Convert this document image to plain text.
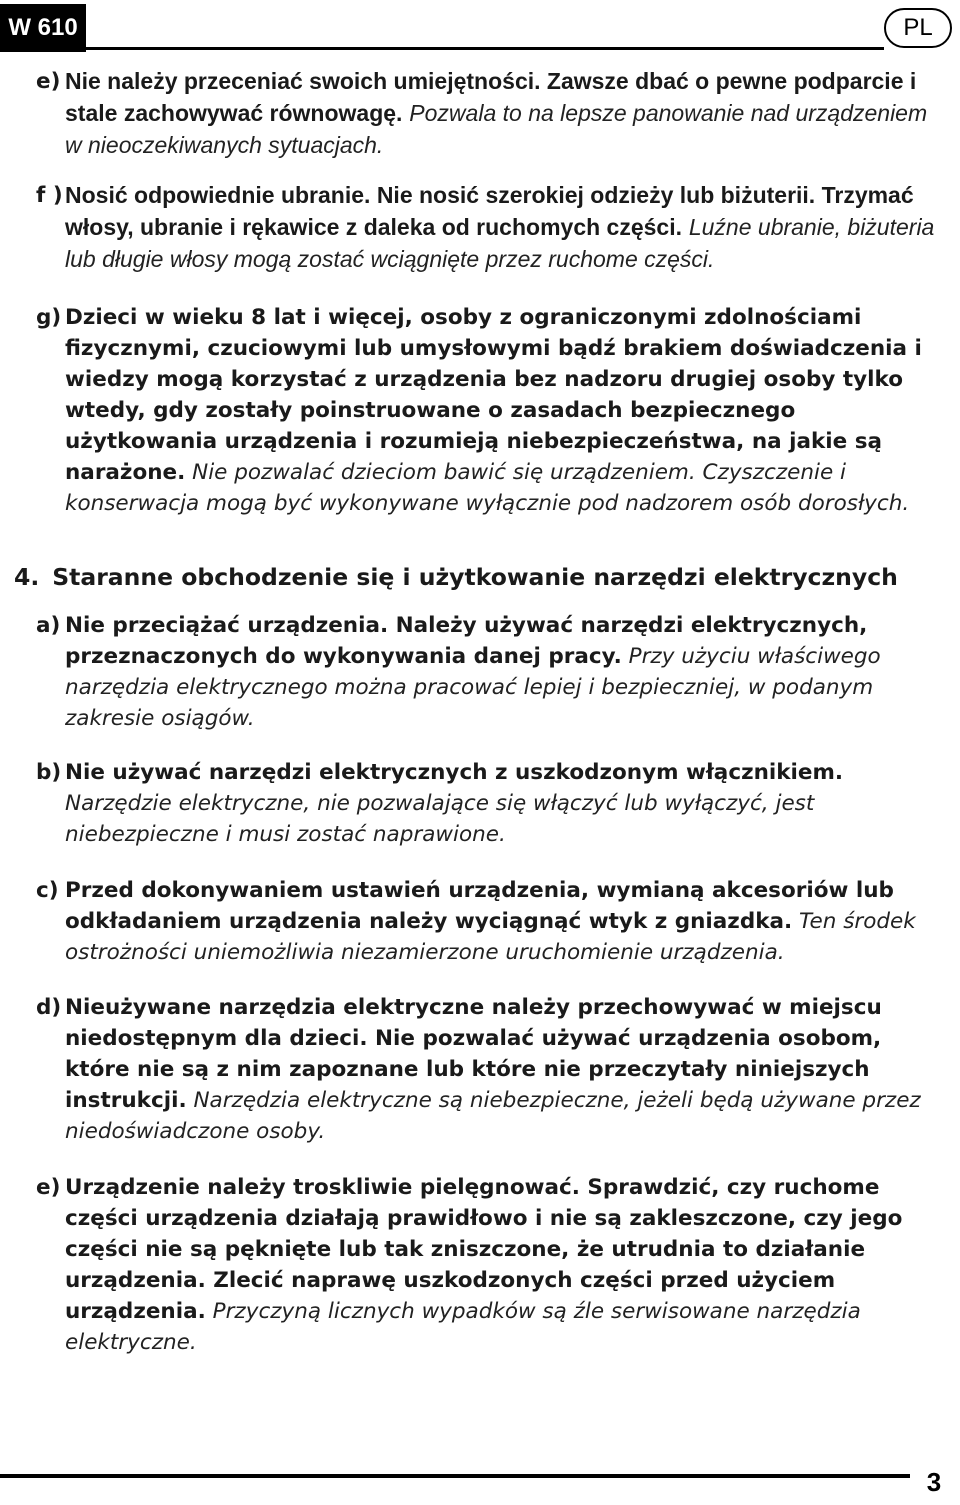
W 610	PL
e) Nie należy przeceniać swoich umiejętności. Zawsze dbać o pewne podparcie i stale zachowywać równowagę. Pozwala to na lepsze panowanie nad urządzeniem w nieoczekiwanych sytuacjach.
f ) Nosić odpowiednie ubranie. Nie nosić szerokiej odzieży lub biżuterii. Trzymać włosy, ubranie i rękawice z daleka od ruchomych części. Luźne ubranie, biżuteria lub długie włosy mogą zostać wciągnięte przez ruchome części.
g) Dzieci w wieku 8 lat i więcej, osoby z ograniczonymi zdolnościami fizycznymi, czuciowymi lub umysłowymi bądź brakiem doświadczenia i wiedzy mogą korzystać z urządzenia bez nadzoru drugiej osoby tylko wtedy, gdy zostały poinstruowane o zasadach bezpiecznego użytkowania urządzenia i rozumieją niebezpieczeństwa, na jakie są narażone. Nie pozwalać dzieciom bawić się urządzeniem. Czyszczenie i konserwacja mogą być wykonywane wyłącznie pod nadzorem osób dorosłych.
4. Staranne obchodzenie się i użytkowanie narzędzi elektrycznych
a) Nie przeciążać urządzenia. Należy używać narzędzi elektrycznych, przeznaczonych do wykonywania danej pracy. Przy użyciu właściwego narzędzia elektrycznego można pracować lepiej i bezpieczniej, w podanym zakresie osiągów.
b) Nie używać narzędzi elektrycznych z uszkodzonym włącznikiem. Narzędzie elektryczne, nie pozwalające się włączyć lub wyłączyć, jest niebezpieczne i musi zostać naprawione.
c) Przed dokonywaniem ustawień urządzenia, wymianą akcesoriów lub odkładaniem urządzenia należy wyciągnąć wtyk z gniazdka. Ten środek ostrożności uniemożliwia niezamierzone uruchomienie urządzenia.
d) Nieużywane narzędzia elektryczne należy przechowywać w miejscu niedostępnym dla dzieci. Nie pozwalać używać urządzenia osobom, które nie są z nim zapoznane lub które nie przeczytały niniejszych instrukcji. Narzędzia elektryczne są niebezpieczne, jeżeli będą używane przez niedoświadczone osoby.
e) Urządzenie należy troskliwie pielęgnować. Sprawdzić, czy ruchome części urządzenia działają prawidłowo i nie są zakleszczone, czy jego części nie są pęknięte lub tak zniszczone, że utrudnia to działanie urządzenia. Zlecić naprawę uszkodzonych części przed użyciem urządzenia. Przyczyną licznych wypadków są źle serwisowane narzędzia elektryczne.
3
